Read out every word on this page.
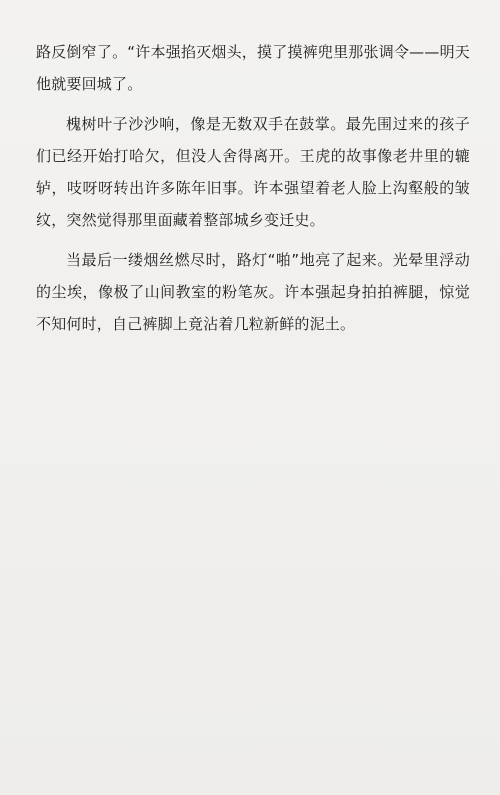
路反倒窄了。“许本强掐灭烟头，摸了摸裤兜里那张调令——明天他就要回城了。

槐树叶子沙沙响，像是无数双手在鼓掌。最先围过来的孩子们已经开始打哈欠，但没人舍得离开。王虎的故事像老井里的辘轳，吱呀呀转出许多陈年旧事。许本强望着老人脸上沟壑般的皱纹，突然觉得那里面藏着整部城乡变迁史。

当最后一缕烟丝燃尽时，路灯“啪”地亮了起来。光晕里浮动的尘埃，像极了山间教室的粉笔灰。许本强起身拍拍裤腿，惊觉不知何时，自己裤脚上竟沾着几粒新鲜的泥土。
